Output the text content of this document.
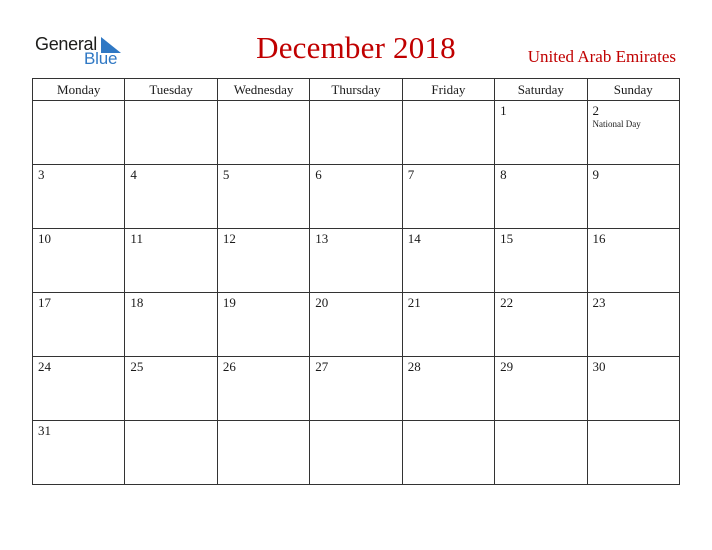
General
Blue	December 2018	United Arab Emirates
Monday	Tuesday	Wednesday	Thursday	Friday	Saturday	Sunday

					1	2
National Day

3	4	5	6	7	8	9

10	11	12	13	14	15	16

17	18	19	20	21	22	23

24	25	26	27	28	29	30

31						
